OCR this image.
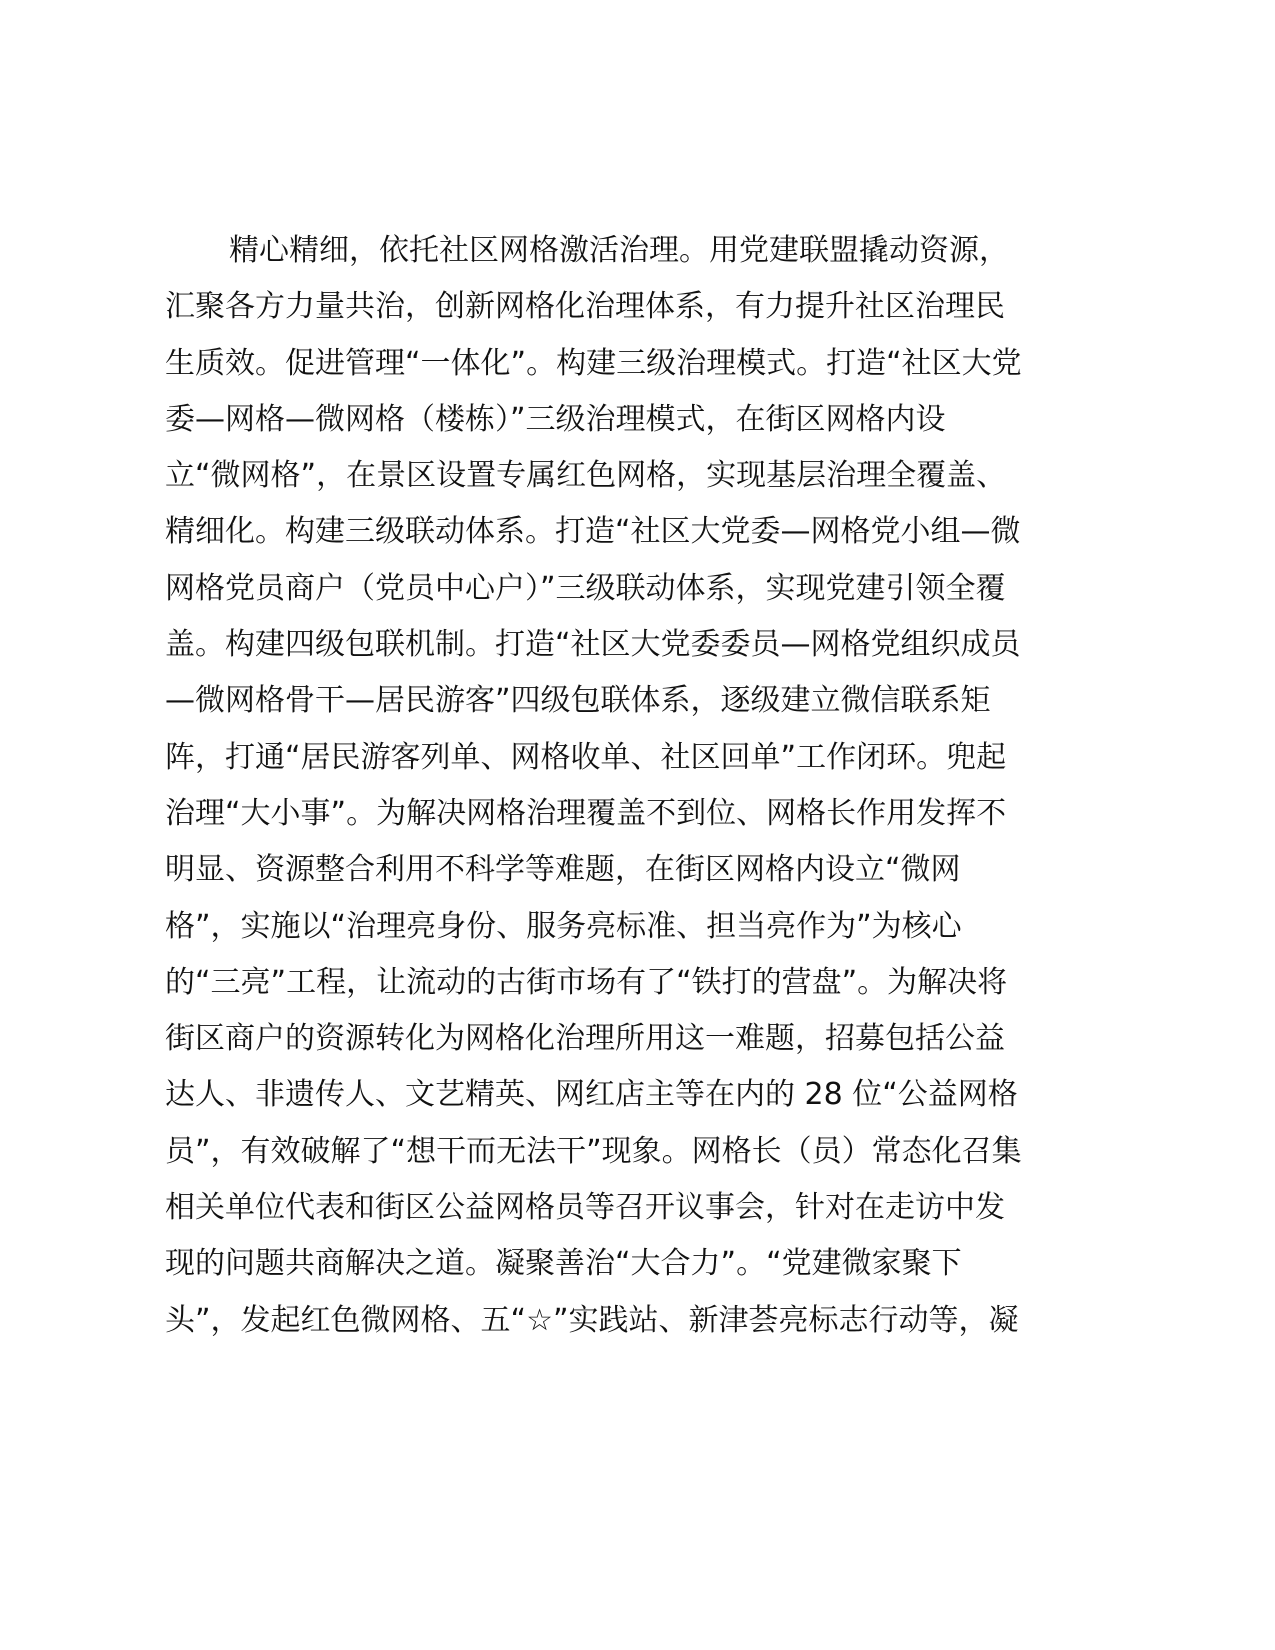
精心精细，依托社区网格激活治理。用党建联盟撬动资源，
汇聚各方力量共治，创新网格化治理体系，有力提升社区治理民
生质效。促进管理“一体化”。构建三级治理模式。打造“社区大党
委—网格—微网格（楼栋）”三级治理模式，在街区网格内设
立“微网格”，在景区设置专属红色网格，实现基层治理全覆盖、
精细化。构建三级联动体系。打造“社区大党委—网格党小组—微
网格党员商户（党员中心户）”三级联动体系，实现党建引领全覆
盖。构建四级包联机制。打造“社区大党委委员—网格党组织成员
—微网格骨干—居民游客”四级包联体系，逐级建立微信联系矩
阵，打通“居民游客列单、网格收单、社区回单”工作闭环。兜起
治理“大小事”。为解决网格治理覆盖不到位、网格长作用发挥不
明显、资源整合利用不科学等难题，在街区网格内设立“微网
格”，实施以“治理亮身份、服务亮标准、担当亮作为”为核心
的“三亮”工程，让流动的古街市场有了“铁打的营盘”。为解决将
街区商户的资源转化为网格化治理所用这一难题，招募包括公益
达人、非遗传人、文艺精英、网红店主等在内的 28 位“公益网格
员”，有效破解了“想干而无法干”现象。网格长（员）常态化召集
相关单位代表和街区公益网格员等召开议事会，针对在走访中发
现的问题共商解决之道。凝聚善治“大合力”。“党建微家聚下
头”，发起红色微网格、五“☆”实践站、新津荟亮标志行动等，凝
